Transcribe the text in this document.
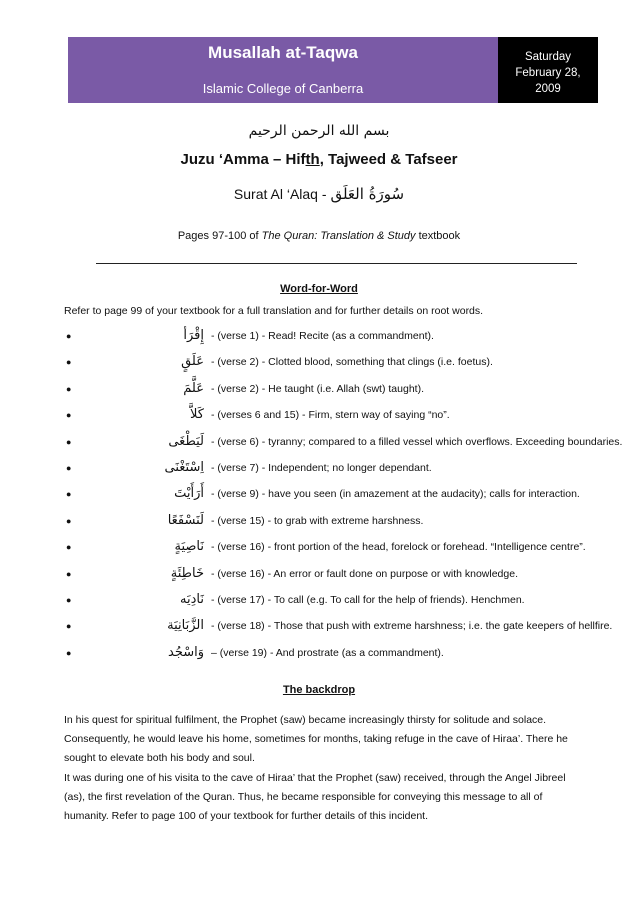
Musallah at-Taqwa
Islamic College of Canberra
Saturday
February 28,
2009
بسم الله الرحمن الرحيم
Juzu ‘Amma – Hifth, Tajweed & Tafseer
Surat Al ‘Alaq - سُورَةُ العَلَق
Pages 97-100 of The Quran: Translation & Study textbook
Word-for-Word
Refer to page 99 of your textbook for a full translation and for further details on root words.
●	إِقْرَأ - (verse 1) - Read! Recite (as a commandment).
●	عَلَقٍ - (verse 2) - Clotted blood, something that clings (i.e. foetus).
●	عَلَّمَ - (verse 2) - He taught (i.e. Allah (swt) taught).
●	كَلاَّ - (verses 6 and 15) - Firm, stern way of saying “no”.
●	لَيَطْغَى - (verse 6) - tyranny; compared to a filled vessel which overflows. Exceeding boundaries.
●	اِسْتَغْنَى - (verse 7) - Independent; no longer dependant.
●	أَرَأَيْتَ - (verse 9) - have you seen (in amazement at the audacity); calls for interaction.
●	لَنَسْفَعًا - (verse 15) - to grab with extreme harshness.
●	نَاصِيَةٍ - (verse 16) - front portion of the head, forelock or forehead. “Intelligence centre”.
●	خَاطِئَةٍ - (verse 16) - An error or fault done on purpose or with knowledge.
●	نَادِيَه - (verse 17) - To call (e.g. To call for the help of friends). Henchmen.
●	الزَّبَانِيَة - (verse 18) - Those that push with extreme harshness; i.e. the gate keepers of hellfire.
●	وَاسْجُد – (verse 19) - And prostrate (as a commandment).
The backdrop

In his quest for spiritual fulfilment, the Prophet (saw) became increasingly thirsty for solitude and solace. Consequently, he would leave his home, sometimes for months, taking refuge in the cave of Hiraa’. There he sought to elevate both his body and soul.

It was during one of his visita to the cave of Hiraa’ that the Prophet (saw) received, through the Angel Jibreel (as), the first revelation of the Quran. Thus, he became responsible for conveying this message to all of humanity. Refer to page 100 of your textbook for further details of this incident.
